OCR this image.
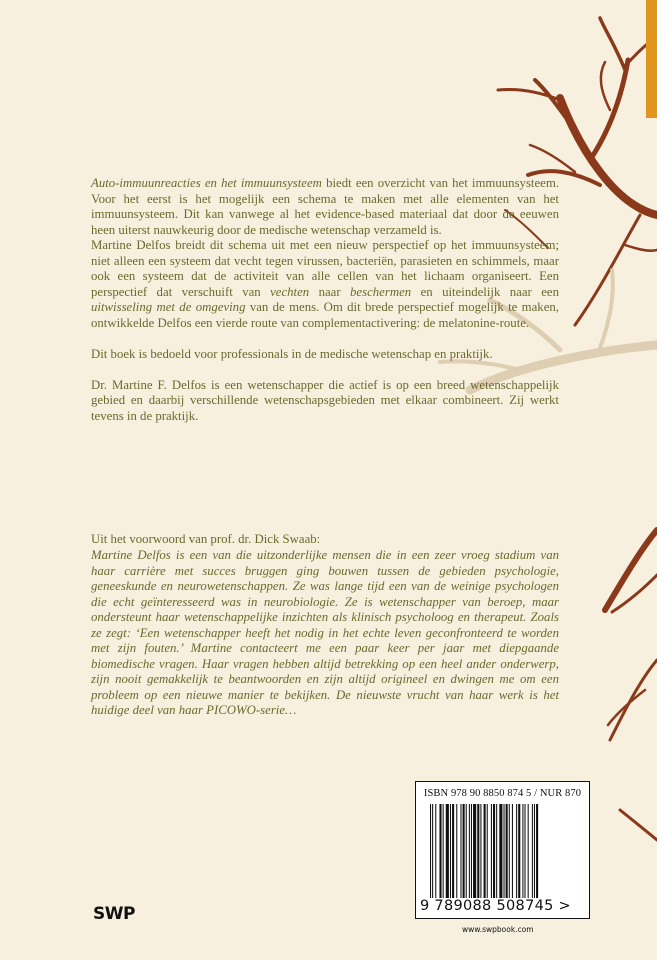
Auto-immuunreacties en het immuunsysteem biedt een overzicht van het immuunsysteem. Voor het eerst is het mogelijk een schema te maken met alle elementen van het immuunsysteem. Dit kan vanwege al het evidence-based materiaal dat door de eeuwen heen uiterst nauwkeurig door de medische wetenschap verzameld is.

Martine Delfos breidt dit schema uit met een nieuw perspectief op het immuunsysteem; niet alleen een systeem dat vecht tegen virussen, bacteriën, parasieten en schimmels, maar ook een systeem dat de activiteit van alle cellen van het lichaam organiseert. Een perspectief dat verschuift van vechten naar beschermen en uiteindelijk naar een uitwisseling met de omgeving van de mens. Om dit brede perspectief mogelijk te maken, ontwikkelde Delfos een vierde route van complementactivering: de melatonine-route.

Dit boek is bedoeld voor professionals in de medische wetenschap en praktijk.

Dr. Martine F. Delfos is een wetenschapper die actief is op een breed wetenschappelijk gebied en daarbij verschillende wetenschapsgebieden met elkaar combineert. Zij werkt tevens in de praktijk.

Uit het voorwoord van prof. dr. Dick Swaab:
Martine Delfos is een van die uitzonderlijke mensen die in een zeer vroeg stadium van haar carrière met succes bruggen ging bouwen tussen de gebieden psychologie, geneeskunde en neurowetenschappen. Ze was lange tijd een van de weinige psychologen die echt geïnteresseerd was in neurobiologie. Ze is wetenschapper van beroep, maar ondersteunt haar wetenschappelijke inzichten als klinisch psycholoog en therapeut. Zoals ze zegt: ‘Een wetenschapper heeft het nodig in het echte leven geconfronteerd te worden met zijn fouten.’ Martine contacteert me een paar keer per jaar met diepgaande biomedische vragen. Haar vragen hebben altijd betrekking op een heel ander onderwerp, zijn nooit gemakkelijk te beantwoorden en zijn altijd origineel en dwingen me om een probleem op een nieuwe manier te bekijken. De nieuwste vrucht van haar werk is het huidige deel van haar PICOWO-serie…
ISBN 978 90 8850 874 5 / NUR 870
9 789088 508745 >
SWP
www.swpbook.com
